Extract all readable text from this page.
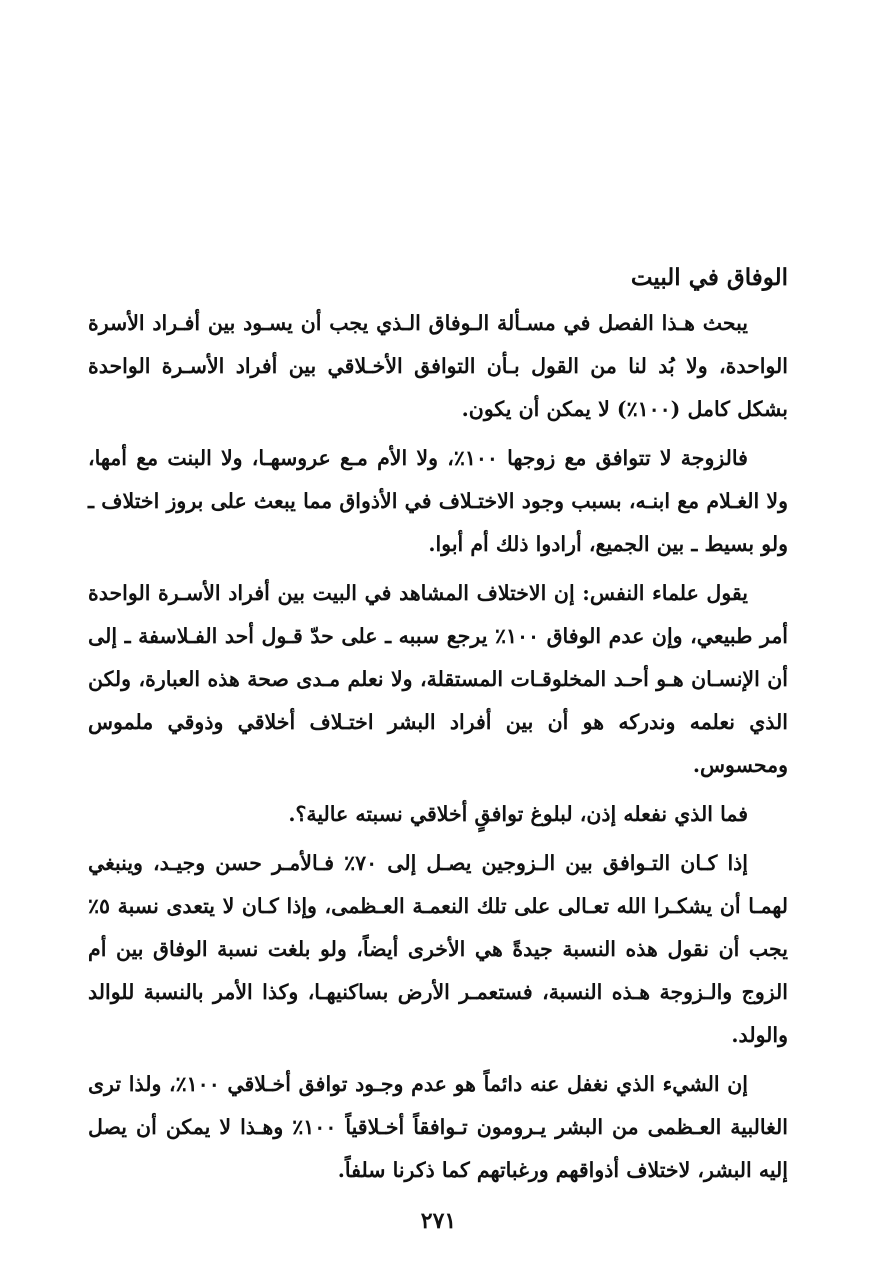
الوفاق في البيت

يبحث هـذا الفصل في مسـألة الـوفاق الـذي يجب أن يسـود بين أفـراد الأسرة الواحدة، ولا بُد لنا من القول بـأن التوافق الأخـلاقي بين أفراد الأسـرة الواحدة بشكل كامل (١٠٠٪) لا يمكن أن يكون.

فالزوجة لا تتوافق مع زوجها ١٠٠٪، ولا الأم مـع عروسهـا، ولا البنت مع أمها، ولا الغـلام مع ابنـه، بسبب وجود الاختـلاف في الأذواق مما يبعث على بروز اختلاف ـ ولو بسيط ـ بين الجميع، أرادوا ذلك أم أبوا.

يقول علماء النفس: إن الاختلاف المشاهد في البيت بين أفراد الأسـرة الواحدة أمر طبيعي، وإن عدم الوفاق ١٠٠٪ يرجع سببه ـ على حدّ قـول أحد الفـلاسفة ـ إلى أن الإنسـان هـو أحـد المخلوقـات المستقلة، ولا نعلم مـدى صحة هذه العبارة، ولكن الذي نعلمه وندركه هو أن بين أفراد البشر اختـلاف أخلاقي وذوقي ملموس ومحسوس.

فما الذي نفعله إذن، لبلوغ توافقٍ أخلاقي نسبته عالية؟.

إذا كـان التـوافق بين الـزوجين يصـل إلى ٧٠٪ فـالأمـر حسن وجيـد، وينبغي لهمـا أن يشكـرا الله تعـالى على تلك النعمـة العـظمى، وإذا كـان لا يتعدى نسبة ٥٪ يجب أن نقول هذه النسبة جيدةً هي الأخرى أيضاً، ولو بلغت نسبة الوفاق بين أم الزوج والـزوجة هـذه النسبة، فستعمـر الأرض بساكنيهـا، وكذا الأمر بالنسبة للوالد والولد.

إن الشيء الذي نغفل عنه دائماً هو عدم وجـود توافق أخـلاقي ١٠٠٪، ولذا ترى الغالبية العـظمى من البشر يـرومون تـوافقاً أخـلاقياً ١٠٠٪ وهـذا لا يمكن أن يصل إليه البشر، لاختلاف أذواقهم ورغباتهم كما ذكرنا سلفاً.

٢٧١
